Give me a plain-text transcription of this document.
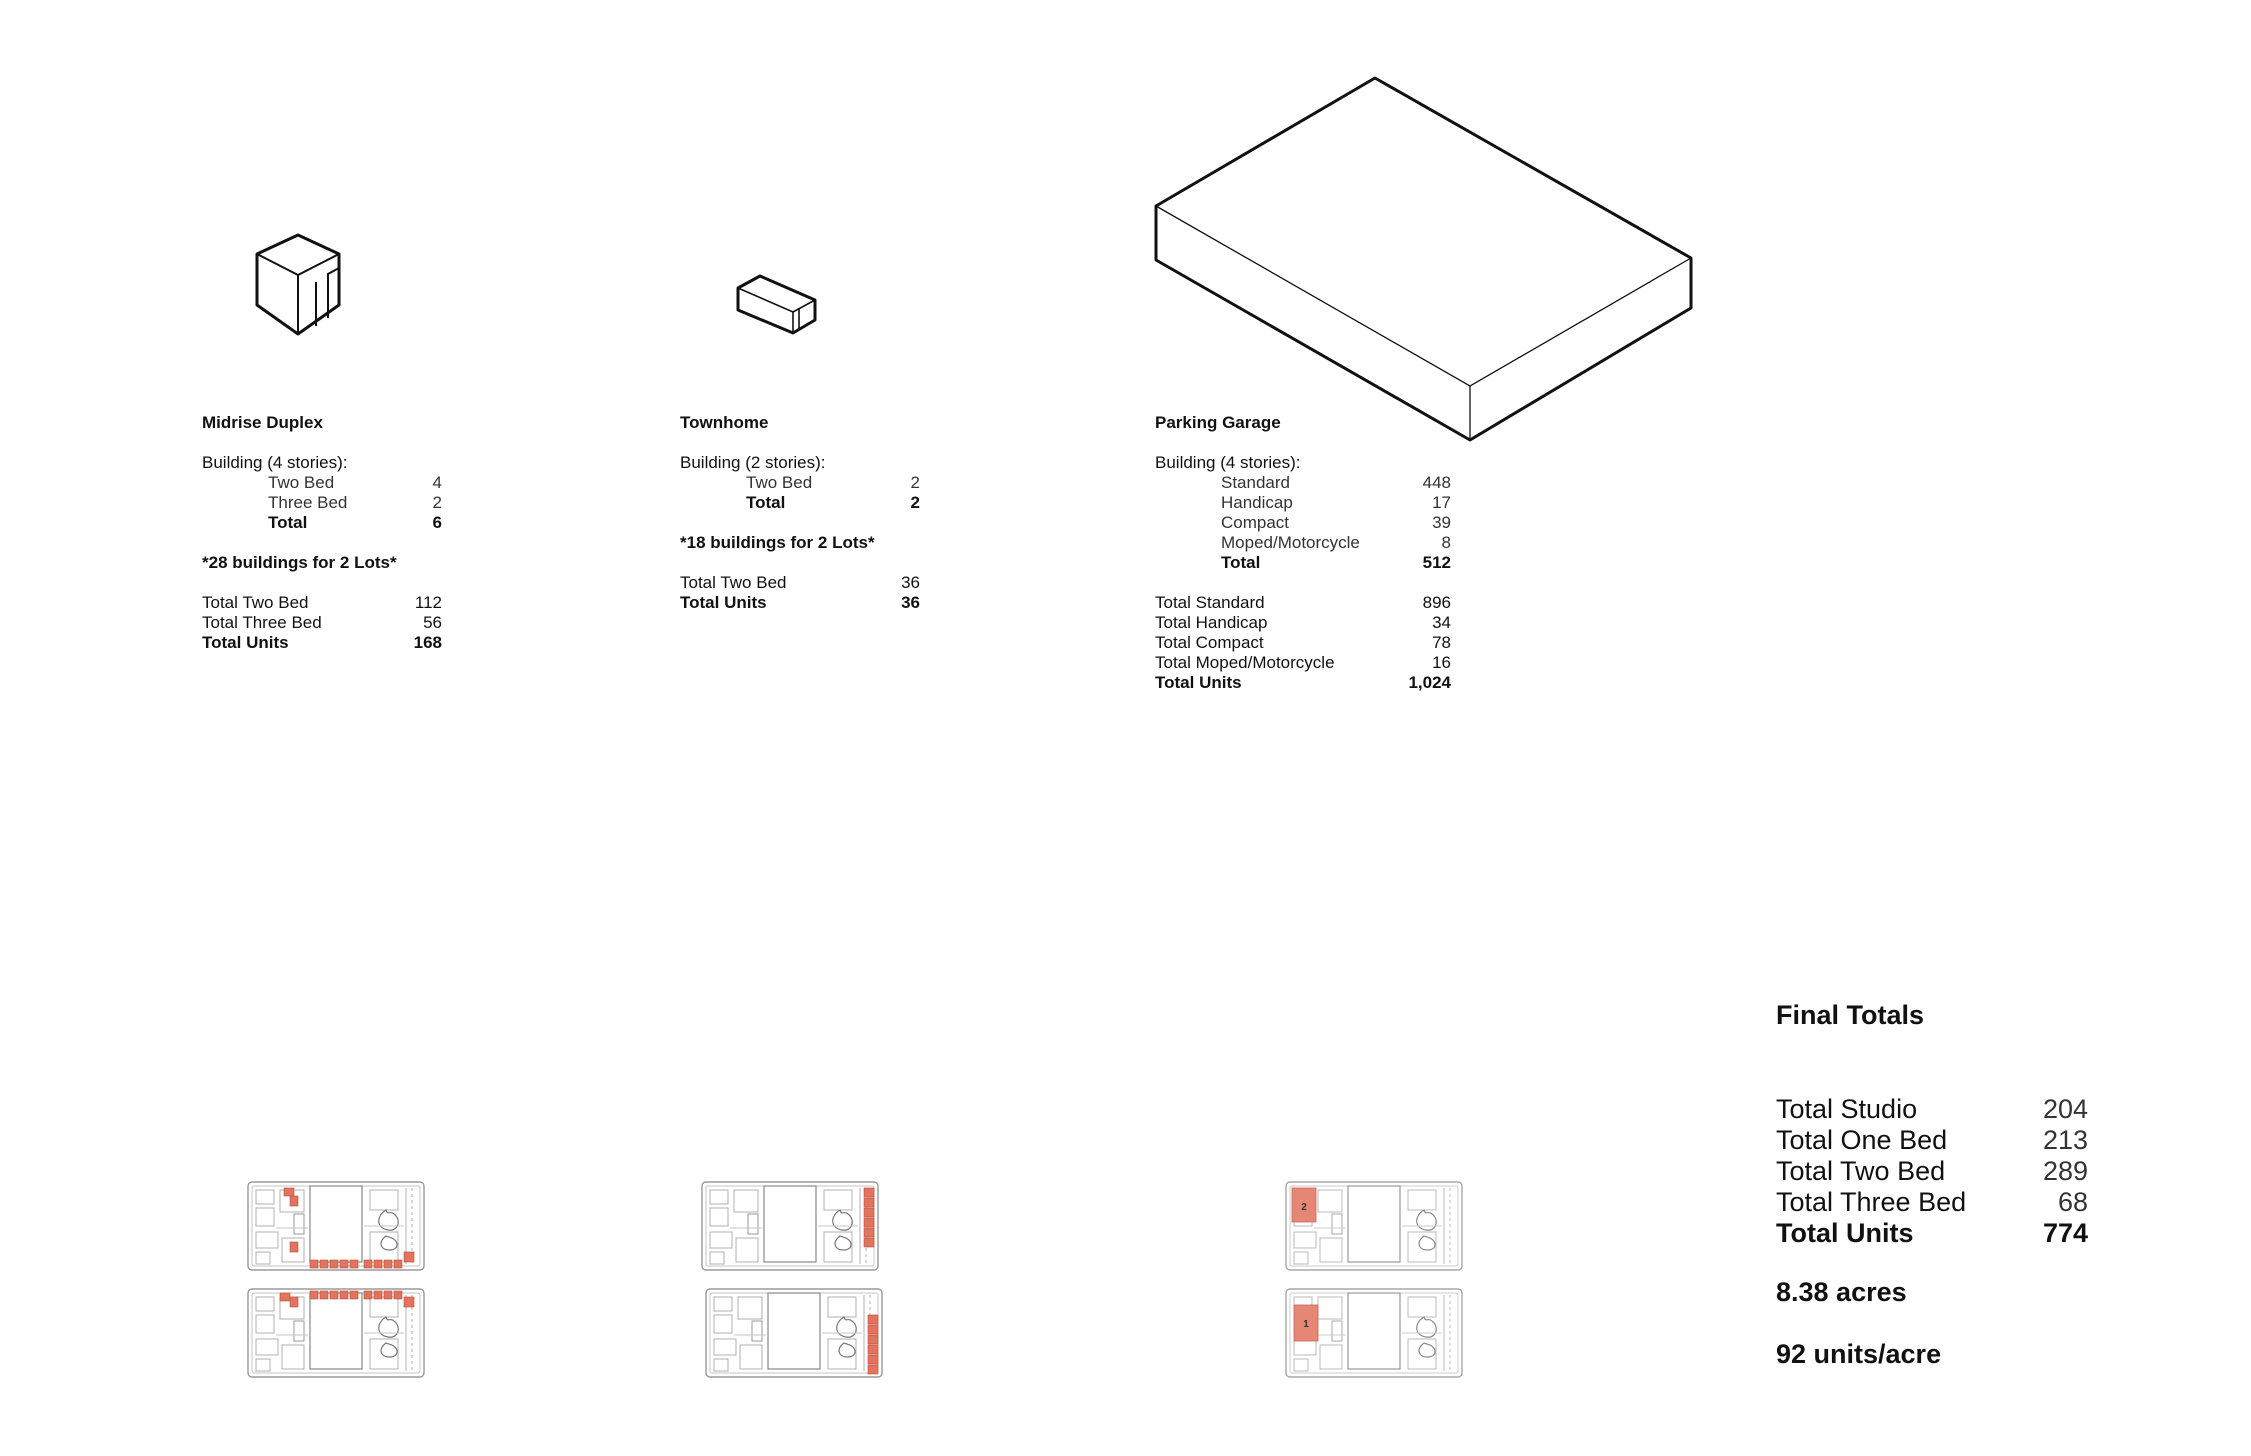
Midrise Duplex
Building (4 stories):
Two Bed	4
Three Bed	2
Total	6
*28 buildings for 2 Lots*
Total Two Bed	112
Total Three Bed	56
Total Units	168
Townhome
Building (2 stories):
Two Bed	2
Total	2
*18 buildings for 2 Lots*
Total Two Bed	36
Total Units	36
Parking Garage
Building (4 stories):
Standard	448
Handicap	17
Compact	39
Moped/Motorcycle	8
Total	512
Total Standard	896
Total Handicap	34
Total Compact	78
Total Moped/Motorcycle	16
Total Units	1,024
2
1
Final Totals
Total Studio	204
Total One Bed	213
Total Two Bed	289
Total Three Bed	68
Total Units	774
8.38 acres
92 units/acre
